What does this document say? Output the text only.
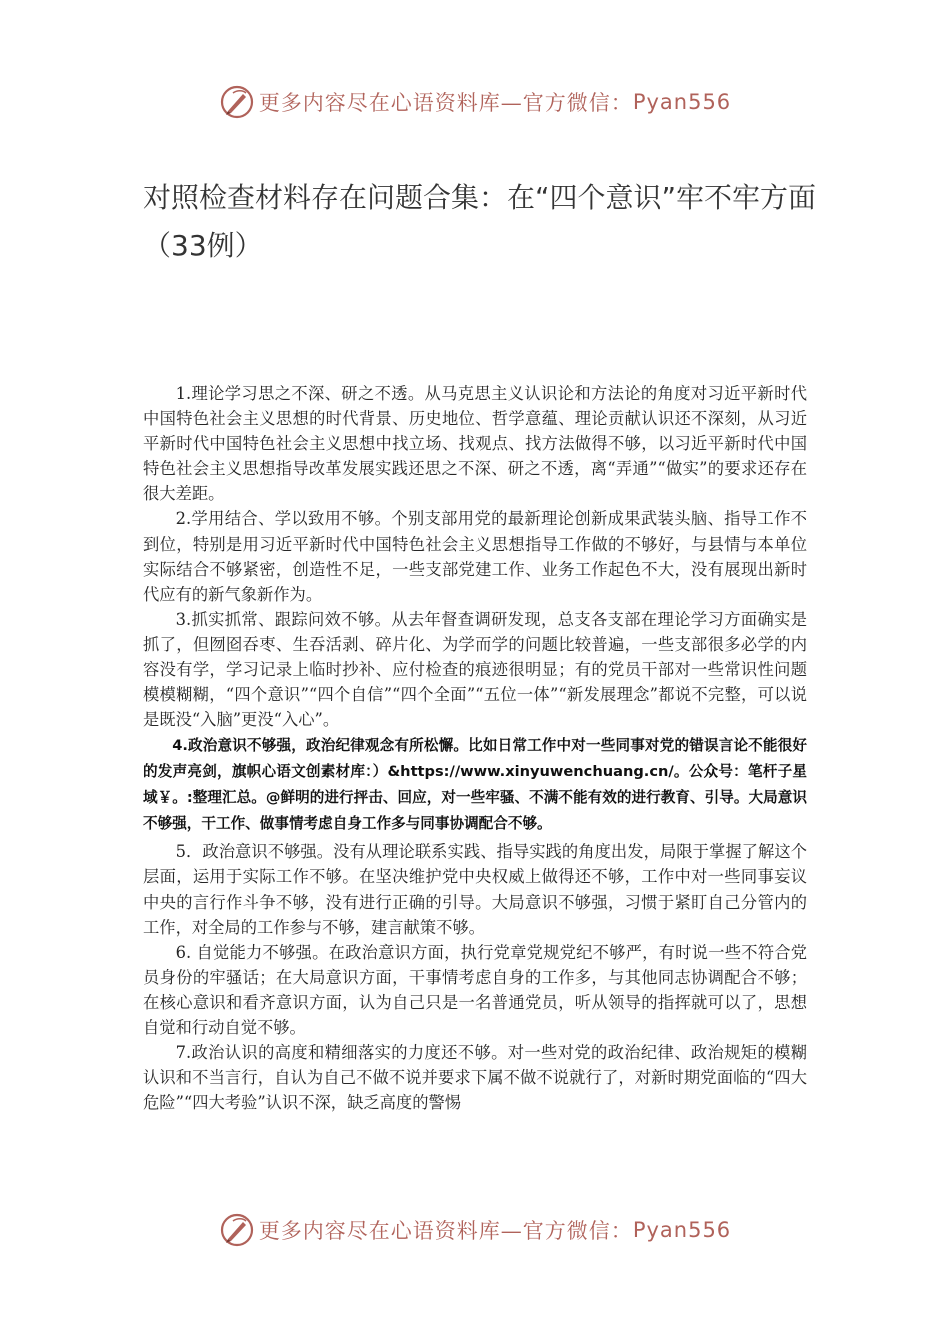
更多内容尽在心语资料库—官方微信： Pyan556
对照检查材料存在问题合集：在“四个意识”牢不牢方面（33例）

1.理论学习思之不深、研之不透。从马克思主义认识论和方法论的角度对习近平新时代中国特色社会主义思想的时代背景、历史地位、哲学意蕴、理论贡献认识还不深刻，从习近平新时代中国特色社会主义思想中找立场、找观点、找方法做得不够，以习近平新时代中国特色社会主义思想指导改革发展实践还思之不深、研之不透，离“弄通”“做实”的要求还存在很大差距。

2.学用结合、学以致用不够。个别支部用党的最新理论创新成果武装头脑、指导工作不到位，特别是用习近平新时代中国特色社会主义思想指导工作做的不够好，与县情与本单位实际结合不够紧密，创造性不足，一些支部党建工作、业务工作起色不大，没有展现出新时代应有的新气象新作为。

3.抓实抓常、跟踪问效不够。从去年督查调研发现，总支各支部在理论学习方面确实是抓了，但囫囵吞枣、生吞活剥、碎片化、为学而学的问题比较普遍，一些支部很多必学的内容没有学，学习记录上临时抄补、应付检查的痕迹很明显；有的党员干部对一些常识性问题模模糊糊，“四个意识”“四个自信”“四个全面”“五位一体”“新发展理念”都说不完整，可以说是既没“入脑”更没“入心”。

4.政治意识不够强，政治纪律观念有所松懈。比如日常工作中对一些同事对党的错误言论不能很好的发声亮剑，旗帜心语文创素材库：）&https://www.xinyuwenchuang.cn/。公众号：笔杆子星域￥。:整理汇总。@鲜明的进行抨击、回应，对一些牢骚、不满不能有效的进行教育、引导。大局意识不够强，干工作、做事情考虑自身工作多与同事协调配合不够。

5．政治意识不够强。没有从理论联系实践、指导实践的角度出发，局限于掌握了解这个层面，运用于实际工作不够。在坚决维护党中央权威上做得还不够，工作中对一些同事妄议中央的言行作斗争不够，没有进行正确的引导。大局意识不够强，习惯于紧盯自己分管内的工作，对全局的工作参与不够，建言献策不够。

6. 自觉能力不够强。在政治意识方面，执行党章党规党纪不够严，有时说一些不符合党员身份的牢骚话；在大局意识方面，干事情考虑自身的工作多，与其他同志协调配合不够；在核心意识和看齐意识方面，认为自己只是一名普通党员，听从领导的指挥就可以了，思想自觉和行动自觉不够。

7.政治认识的高度和精细落实的力度还不够。对一些对党的政治纪律、政治规矩的模糊认识和不当言行，自认为自己不做不说并要求下属不做不说就行了，对新时期党面临的“四大危险”“四大考验”认识不深，缺乏高度的警惕

更多内容尽在心语资料库—官方微信： Pyan556
